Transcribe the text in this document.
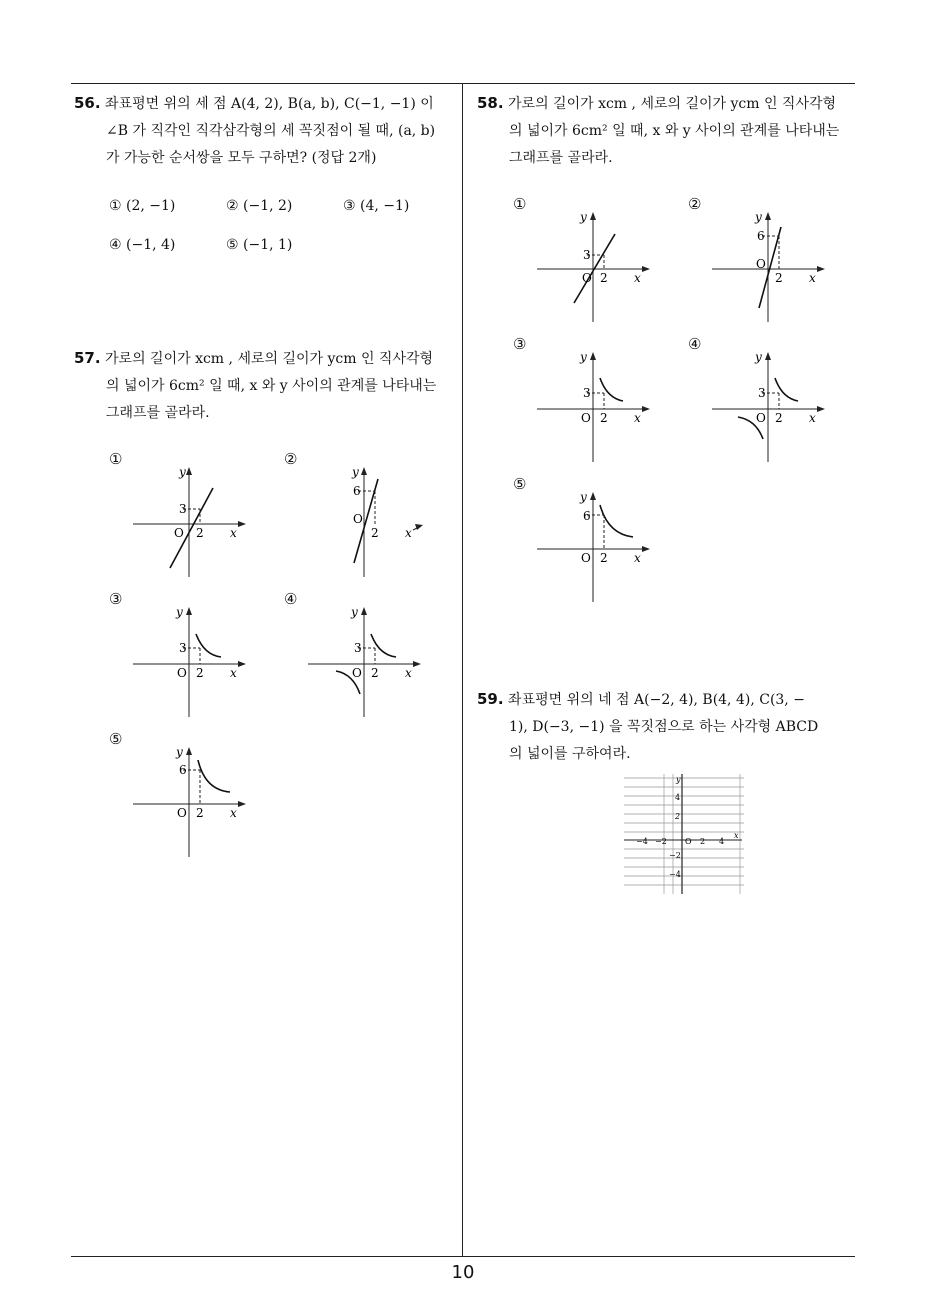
56. 좌표평면 위의 세 점 A(4, 2), B(a, b), C(−1, −1) 이

∠B 가 직각인 직각삼각형의 세 꼭짓점이 될 때, (a, b)

가 가능한 순서쌍을 모두 구하면? (정답 2개)

① (2, −1)	② (−1, 2)	③ (4, −1)
④ (−1, 4)	⑤ (−1, 1)

57. 가로의 길이가 xcm , 세로의 길이가 ycm 인 직사각형

의 넓이가 6cm² 일 때, x 와 y 사이의 관계를 나타내는

그래프를 골라라.

①	②
③	④
⑤
y
3
O 2 x
y
6
O
2 x
y
3
O 2 x
y
3
O 2 x
y
6
O 2 x

58. 가로의 길이가 xcm , 세로의 길이가 ycm 인 직사각형

의 넓이가 6cm² 일 때, x 와 y 사이의 관계를 나타내는

그래프를 골라라.

①	②
③	④
⑤
y
3
O 2 x
y
6
O
2 x
y
3
O 2 x
y
3
O 2 x
y
6
O 2 x

59. 좌표평면 위의 네 점 A(−2, 4), B(4, 4), C(3, −

1), D(−3, −1) 을 꼭짓점으로 하는 사각형 ABCD

의 넓이를 구하여라.

y
4
2
−2
−4
−4 −2 O 2 4
x
10
